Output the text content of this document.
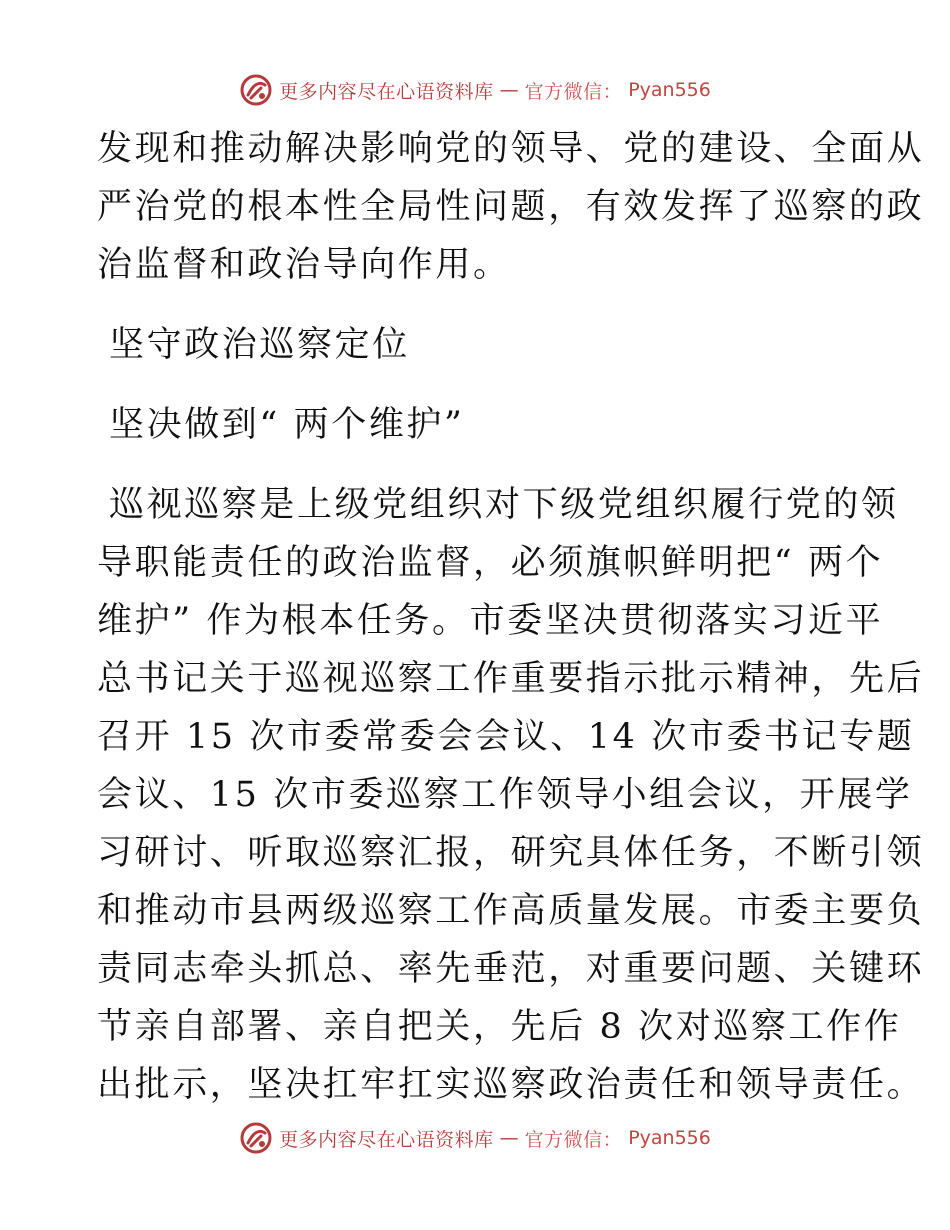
更多内容尽在心语资料库 — 官方微信： Pyan556
发现和推动解决影响党的领导、党的建设、全面从
严治党的根本性全局性问题，有效发挥了巡察的政
治监督和政治导向作用。
坚守政治巡察定位
坚决做到“ 两个维护”
巡视巡察是上级党组织对下级党组织履行党的领
导职能责任的政治监督，必须旗帜鲜明把“ 两个
维护” 作为根本任务。市委坚决贯彻落实习近平
总书记关于巡视巡察工作重要指示批示精神，先后
召开 15 次市委常委会会议、14 次市委书记专题
会议、15 次市委巡察工作领导小组会议，开展学
习研讨、听取巡察汇报，研究具体任务，不断引领
和推动市县两级巡察工作高质量发展。市委主要负
责同志牵头抓总、率先垂范，对重要问题、关键环
节亲自部署、亲自把关，先后 8 次对巡察工作作
出批示，坚决扛牢扛实巡察政治责任和领导责任。
更多内容尽在心语资料库 — 官方微信： Pyan556
